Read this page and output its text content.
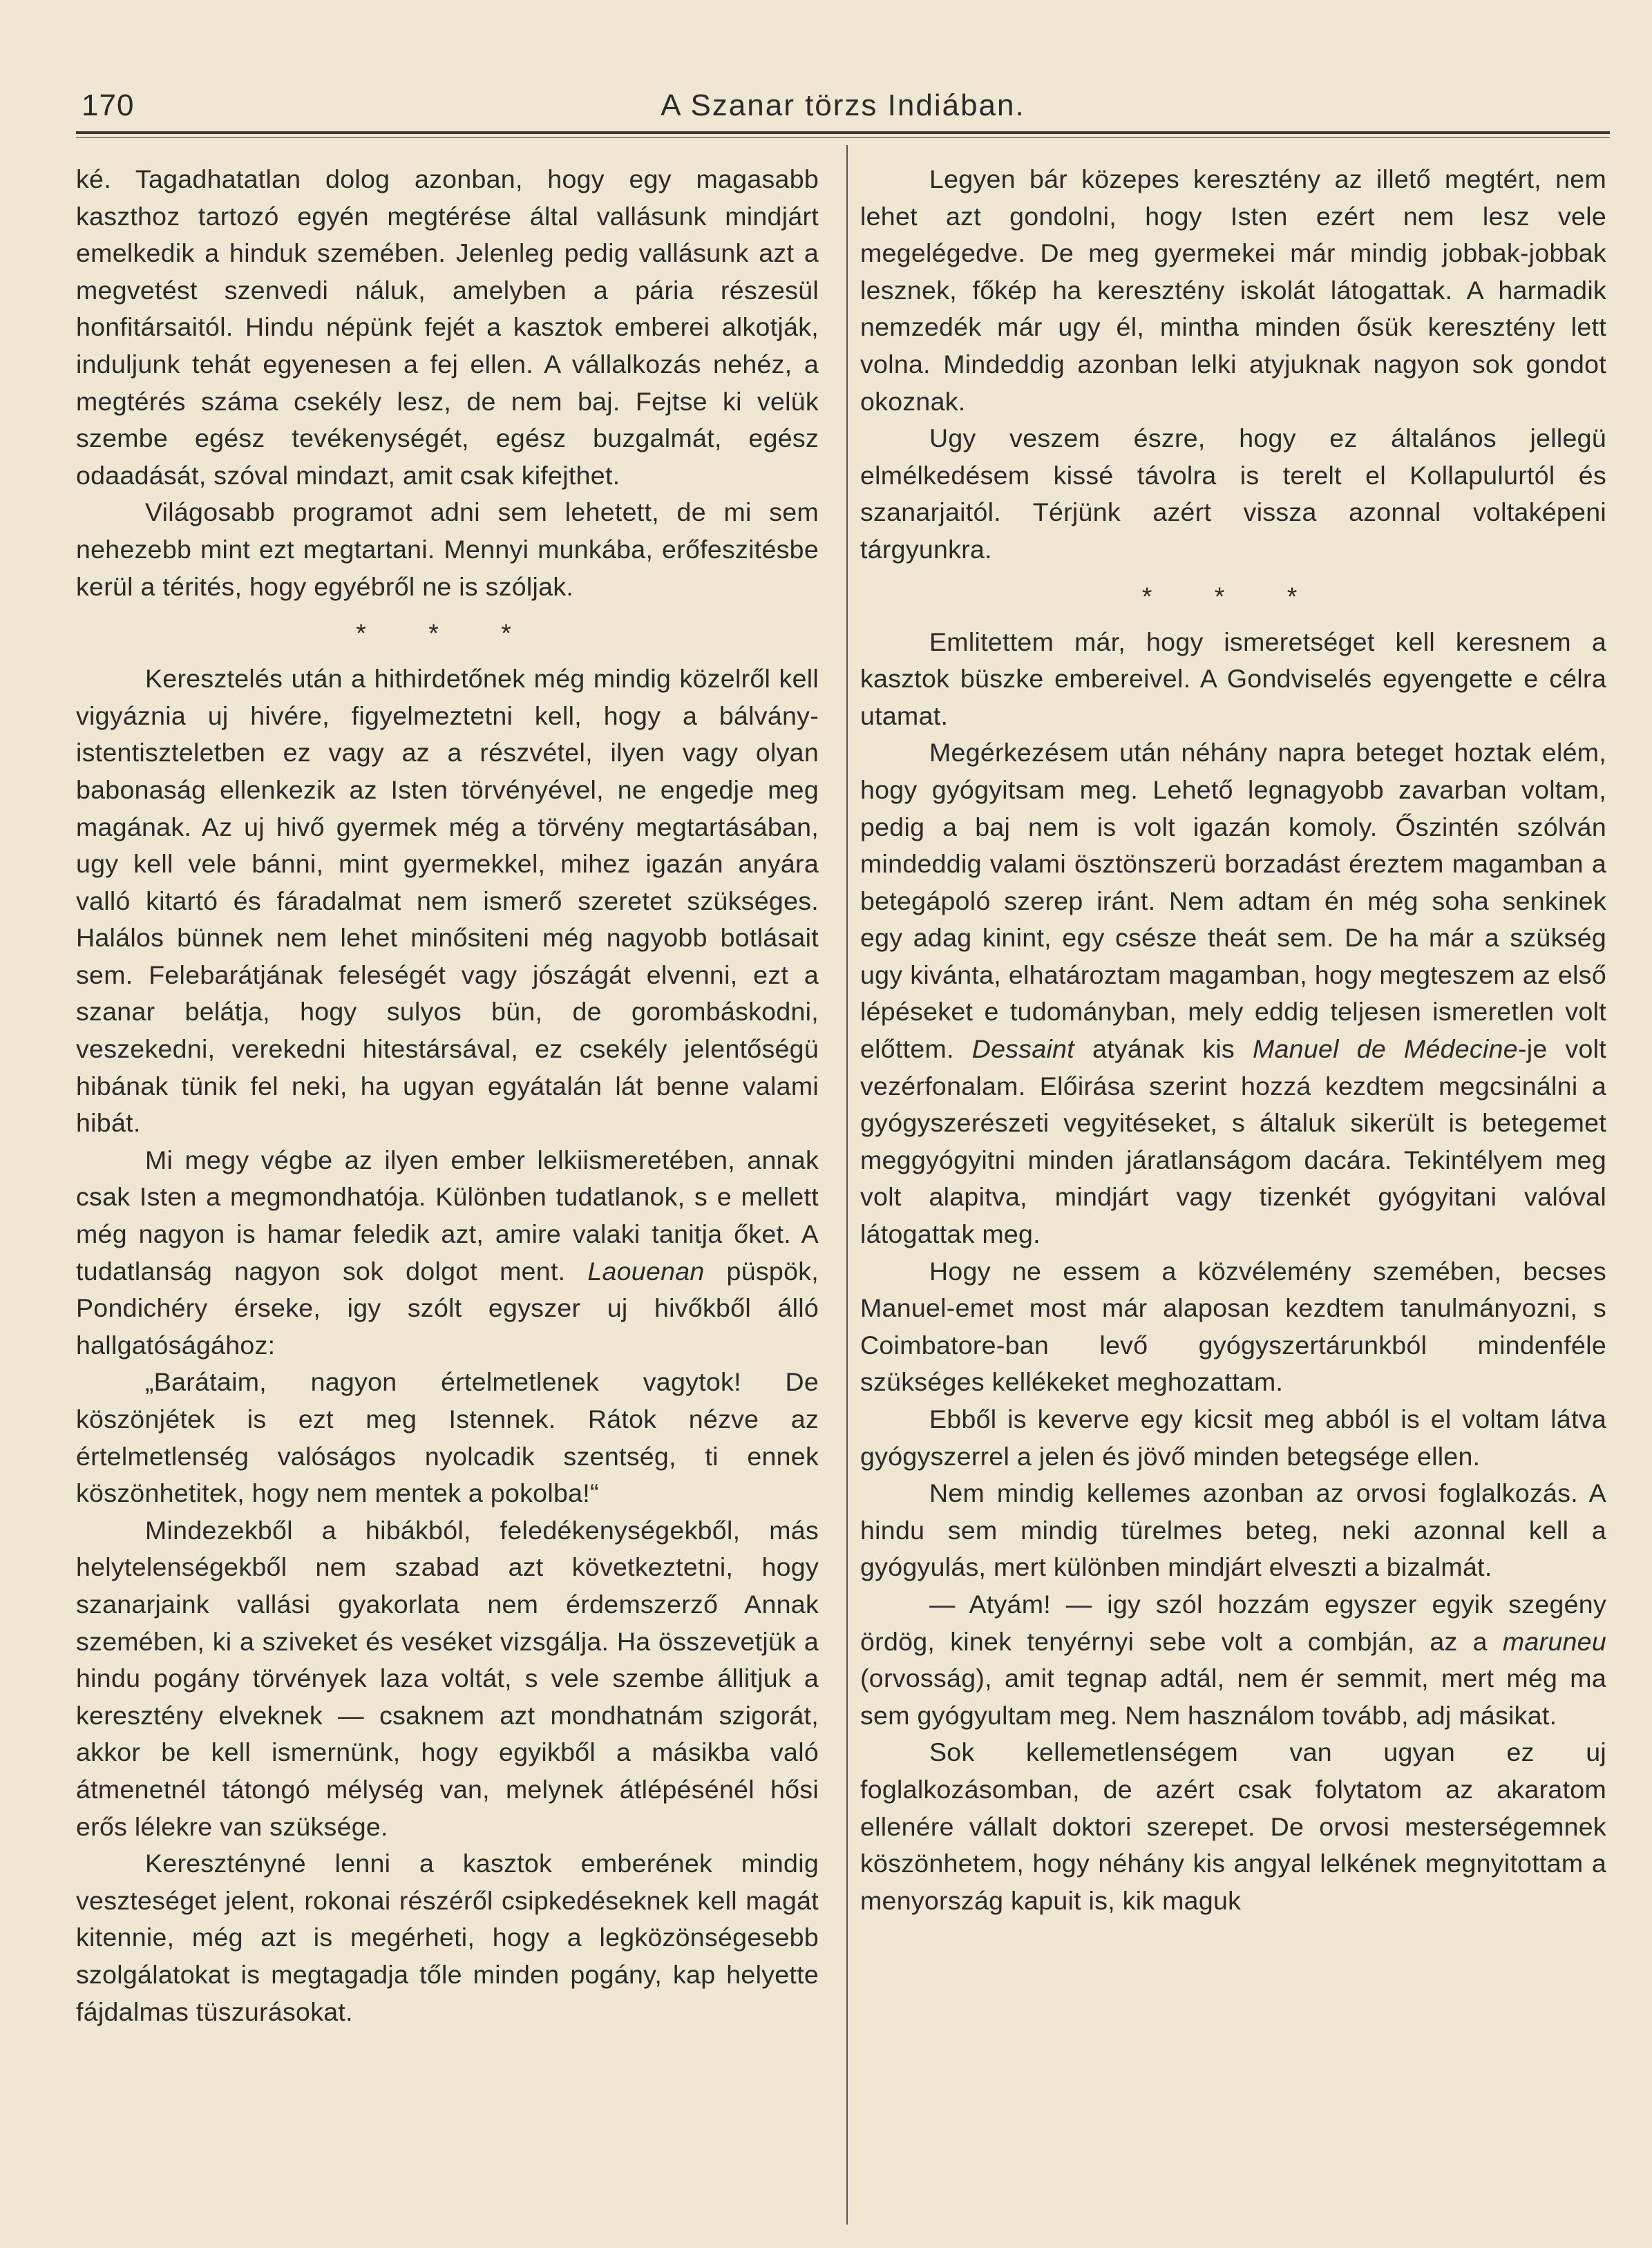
170	A Szanar törzs Indiában.

ké. Tagadhatatlan dolog azonban, hogy egy magasabb kaszthoz tartozó egyén megtérése által vallásunk mindjárt emelkedik a hinduk szemében. Jelenleg pedig vallásunk azt a megvetést szenvedi náluk, amelyben a pária részesül honfitársaitól. Hindu népünk fejét a kasztok emberei alkotják, induljunk tehát egyenesen a fej ellen. A vállalkozás nehéz, a megtérés száma csekély lesz, de nem baj. Fejtse ki velük szembe egész tevékenységét, egész buzgalmát, egész odaadását, szóval mindazt, amit csak kifejthet.

Világosabb programot adni sem lehetett, de mi sem nehezebb mint ezt megtartani. Mennyi munkába, erőfeszitésbe kerül a térités, hogy egyébről ne is szóljak.

* * *

Keresztelés után a hithirdetőnek még mindig közelről kell vigyáznia uj hivére, figyelmeztetni kell, hogy a bálvány-istentiszteletben ez vagy az a részvétel, ilyen vagy olyan babonaság ellenkezik az Isten törvényével, ne engedje meg magának. Az uj hivő gyermek még a törvény megtartásában, ugy kell vele bánni, mint gyermekkel, mihez igazán anyára valló kitartó és fáradalmat nem ismerő szeretet szükséges. Halálos bünnek nem lehet minősiteni még nagyobb botlásait sem. Felebarátjának feleségét vagy jószágát elvenni, ezt a szanar belátja, hogy sulyos bün, de gorombáskodni, veszekedni, verekedni hitestársával, ez csekély jelentőségü hibának tünik fel neki, ha ugyan egyátalán lát benne valami hibát.

Mi megy végbe az ilyen ember lelkiismeretében, annak csak Isten a megmondhatója. Különben tudatlanok, s e mellett még nagyon is hamar feledik azt, amire valaki tanitja őket. A tudatlanság nagyon sok dolgot ment. Laouenan püspök, Pondichéry érseke, igy szólt egyszer uj hivőkből álló hallgatóságához:

„Barátaim, nagyon értelmetlenek vagytok! De köszönjétek is ezt meg Istennek. Rátok nézve az értelmetlenség valóságos nyolcadik szentség, ti ennek köszönhetitek, hogy nem mentek a pokolba!“

Mindezekből a hibákból, feledékenységekből, más helytelenségekből nem szabad azt következtetni, hogy szanarjaink vallási gyakorlata nem érdemszerző Annak szemében, ki a sziveket és veséket vizsgálja. Ha összevetjük a hindu pogány törvények laza voltát, s vele szembe állitjuk a keresztény elveknek — csaknem azt mondhatnám szigorát, akkor be kell ismernünk, hogy egyikből a másikba való átmenetnél tátongó mélység van, melynek átlépésénél hősi erős lélekre van szüksége.

Keresztényné lenni a kasztok emberének mindig veszteséget jelent, rokonai részéről csipkedéseknek kell magát kitennie, még azt is megérheti, hogy a legközönségesebb szolgálatokat is megtagadja tőle minden pogány, kap helyette fájdalmas tüszurásokat.

Legyen bár közepes keresztény az illető megtért, nem lehet azt gondolni, hogy Isten ezért nem lesz vele megelégedve. De meg gyermekei már mindig jobbak-jobbak lesznek, főkép ha keresztény iskolát látogattak. A harmadik nemzedék már ugy él, mintha minden ősük keresztény lett volna. Mindeddig azonban lelki atyjuknak nagyon sok gondot okoznak.

Ugy veszem észre, hogy ez általános jellegü elmélkedésem kissé távolra is terelt el Kollapulurtól és szanarjaitól. Térjünk azért vissza azonnal voltaképeni tárgyunkra.

* * *

Emlitettem már, hogy ismeretséget kell keresnem a kasztok büszke embereivel. A Gondviselés egyengette e célra utamat.

Megérkezésem után néhány napra beteget hoztak elém, hogy gyógyitsam meg. Lehető legnagyobb zavarban voltam, pedig a baj nem is volt igazán komoly. Őszintén szólván mindeddig valami ösztönszerü borzadást éreztem magamban a betegápoló szerep iránt. Nem adtam én még soha senkinek egy adag kinint, egy csésze theát sem. De ha már a szükség ugy kivánta, elhatároztam magamban, hogy megteszem az első lépéseket e tudományban, mely eddig teljesen ismeretlen volt előttem. Dessaint atyának kis Manuel de Médecine-je volt vezérfonalam. Előirása szerint hozzá kezdtem megcsinálni a gyógyszerészeti vegyitéseket, s általuk sikerült is betegemet meggyógyitni minden járatlanságom dacára. Tekintélyem meg volt alapitva, mindjárt vagy tizenkét gyógyitani valóval látogattak meg.

Hogy ne essem a közvélemény szemében, becses Manuel-emet most már alaposan kezdtem tanulmányozni, s Coimbatore-ban levő gyógyszertárunkból mindenféle szükséges kellékeket meghozattam.

Ebből is keverve egy kicsit meg abból is el voltam látva gyógyszerrel a jelen és jövő minden betegsége ellen.

Nem mindig kellemes azonban az orvosi foglalkozás. A hindu sem mindig türelmes beteg, neki azonnal kell a gyógyulás, mert különben mindjárt elveszti a bizalmát.

— Atyám! — igy szól hozzám egyszer egyik szegény ördög, kinek tenyérnyi sebe volt a combján, az a maruneu (orvosság), amit tegnap adtál, nem ér semmit, mert még ma sem gyógyultam meg. Nem használom tovább, adj másikat.

Sok kellemetlenségem van ugyan ez uj foglalkozásomban, de azért csak folytatom az akaratom ellenére vállalt doktori szerepet. De orvosi mesterségemnek köszönhetem, hogy néhány kis angyal lelkének megnyitottam a menyország kapuit is, kik maguk
